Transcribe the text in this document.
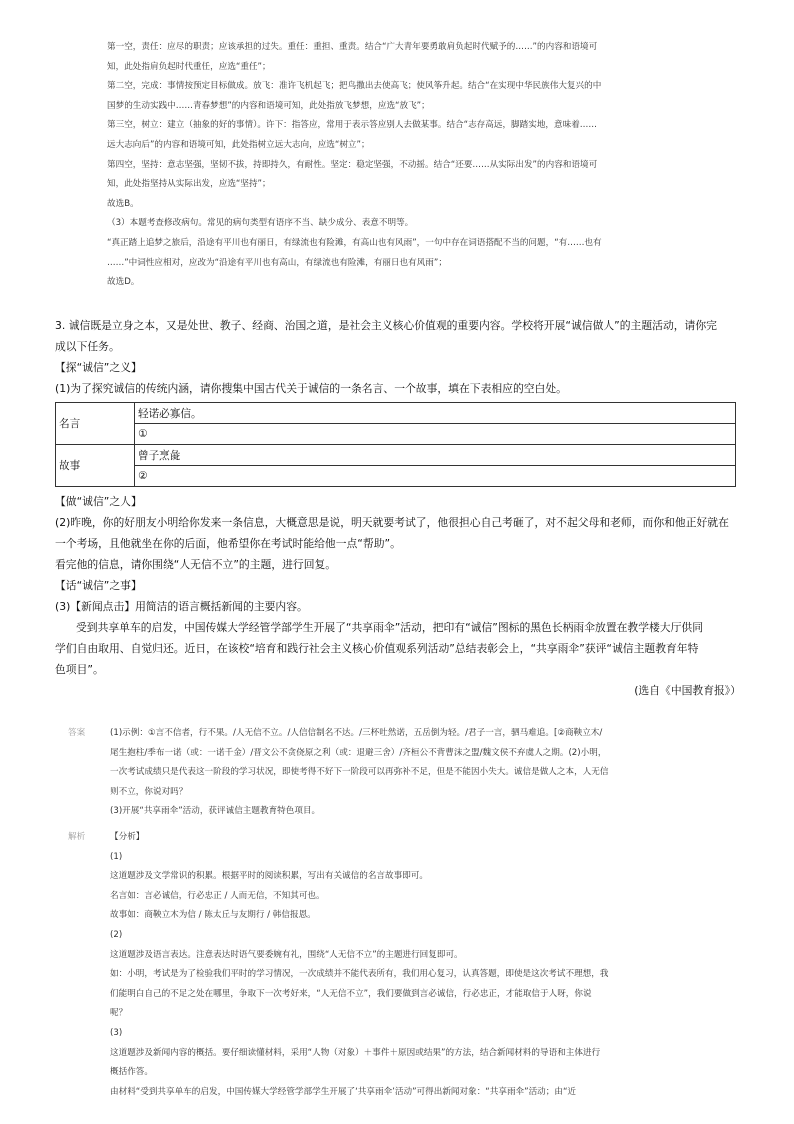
第一空，责任：应尽的职责；应该承担的过失。重任：重担、重责。结合“广大青年要勇敢肩负起时代赋予的……”的内容和语境可
知，此处指肩负起时代重任，应选“重任”；
第二空，完成：事情按预定目标做成。放飞：准许飞机起飞；把鸟撒出去使高飞；使风筝升起。结合“在实现中华民族伟大复兴的中
国梦的生动实践中……青春梦想”的内容和语境可知，此处指放飞梦想，应选“放飞”；
第三空，树立：建立（抽象的好的事情）。许下：指答应，常用于表示答应别人去做某事。结合“志存高远，脚踏实地，意味着……
远大志向后”的内容和语境可知，此处指树立远大志向，应选“树立”；
第四空，坚持：意志坚强，坚韧不拔，持即持久，有耐性。坚定：稳定坚强，不动摇。结合“还要……从实际出发”的内容和语境可
知，此处指坚持从实际出发，应选“坚持”；
故选B。
（3）本题考查修改病句。常见的病句类型有语序不当、缺少成分、表意不明等。
“真正踏上追梦之旅后，沿途有平川也有丽日，有绿流也有险滩，有高山也有风雨”，一句中存在词语搭配不当的问题，“有……也有
……”中词性应相对，应改为“沿途有平川也有高山，有绿流也有险滩，有丽日也有风雨”；
故选D。
3. 诚信既是立身之本，又是处世、教子、经商、治国之道，是社会主义核心价值观的重要内容。学校将开展“诚信做人”的主题活动，请你完
成以下任务。
【探“诚信”之义】
(1)为了探究诚信的传统内涵，请你搜集中国古代关于诚信的一条名言、一个故事，填在下表相应的空白处。
名言	轻诺必寡信。
	①
故事	曾子烹彘
	②
【做“诚信”之人】
(2)昨晚，你的好朋友小明给你发来一条信息，大概意思是说，明天就要考试了，他很担心自己考砸了，对不起父母和老师，而你和他正好就在
一个考场，且他就坐在你的后面，他希望你在考试时能给他一点“帮助”。
看完他的信息，请你围绕“人无信不立”的主题，进行回复。
【话“诚信”之事】
(3)【新闻点击】用简洁的语言概括新闻的主要内容。
受到共享单车的启发，中国传媒大学经管学部学生开展了“共享雨伞”活动，把印有“诚信”图标的黑色长柄雨伞放置在教学楼大厅供同
学们自由取用、自觉归还。近日，在该校“培育和践行社会主义核心价值观系列活动”总结表彰会上，“共享雨伞”获评“诚信主题教育年特
色项目”。
(选自《中国教育报》）
答案	(1)示例：①言不信者，行不果。/人无信不立。/人信信制名不达。/三杯吐然诺，五岳倒为轻。/君子一言，驷马难追。[②商鞅立木/
尾生抱柱/季布一诺（或：一诺千金）/晋文公不贪侥原之利（或：退避三舍）/齐桓公不背曹沫之盟/魏文侯不弃虞人之期。(2)小明，
一次考试成绩只是代表这一阶段的学习状况，即使考得不好下一阶段可以再弥补不足，但是不能因小失大。诚信是做人之本，人无信
则不立，你说对吗？
(3)开展“共享雨伞”活动，获评诚信主题教育特色项目。
解析	【分析】
(1)
这道题涉及文学常识的积累。根据平时的阅读积累，写出有关诚信的名言故事即可。
名言如：言必诚信，行必忠正 / 人而无信，不知其可也。
故事如：商鞅立木为信 / 陈太丘与友期行 / 韩信报恩。
(2)
这道题涉及语言表达。注意表达时语气要委婉有礼，围绕“人无信不立”的主题进行回复即可。
如：小明，考试是为了检验我们平时的学习情况，一次成绩并不能代表所有，我们用心复习，认真答题，即使是这次考试不理想，我
们能明白自己的不足之处在哪里，争取下一次考好来，“人无信不立”，我们要做到言必诚信，行必忠正，才能取信于人呀，你说
呢？
(3)
这道题涉及新闻内容的概括。要仔细读懂材料，采用“人物（对象）＋事件＋原因或结果”的方法，结合新闻材料的导语和主体进行
概括作答。
由材料“受到共享单车的启发，中国传媒大学经管学部学生开展了‘共享雨伞’活动”可得出新闻对象：“共享雨伞”活动；由“近
